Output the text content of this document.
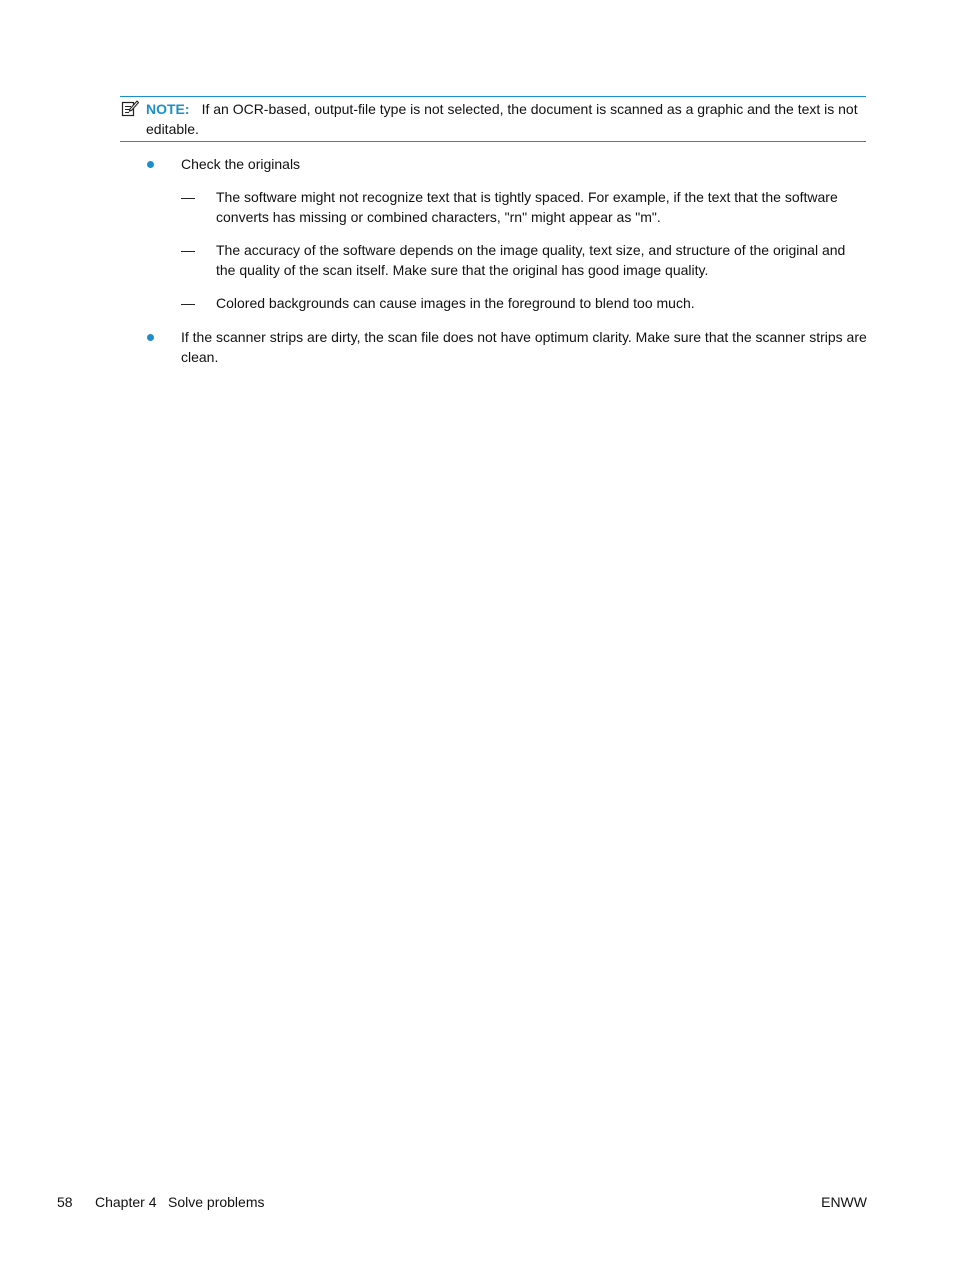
NOTE: If an OCR-based, output-file type is not selected, the document is scanned as a graphic and the text is not editable.
Check the originals
— The software might not recognize text that is tightly spaced. For example, if the text that the software converts has missing or combined characters, "rn" might appear as "m".
— The accuracy of the software depends on the image quality, text size, and structure of the original and the quality of the scan itself. Make sure that the original has good image quality.
— Colored backgrounds can cause images in the foreground to blend too much.
If the scanner strips are dirty, the scan file does not have optimum clarity. Make sure that the scanner strips are clean.
58 Chapter 4 Solve problems	ENWW
